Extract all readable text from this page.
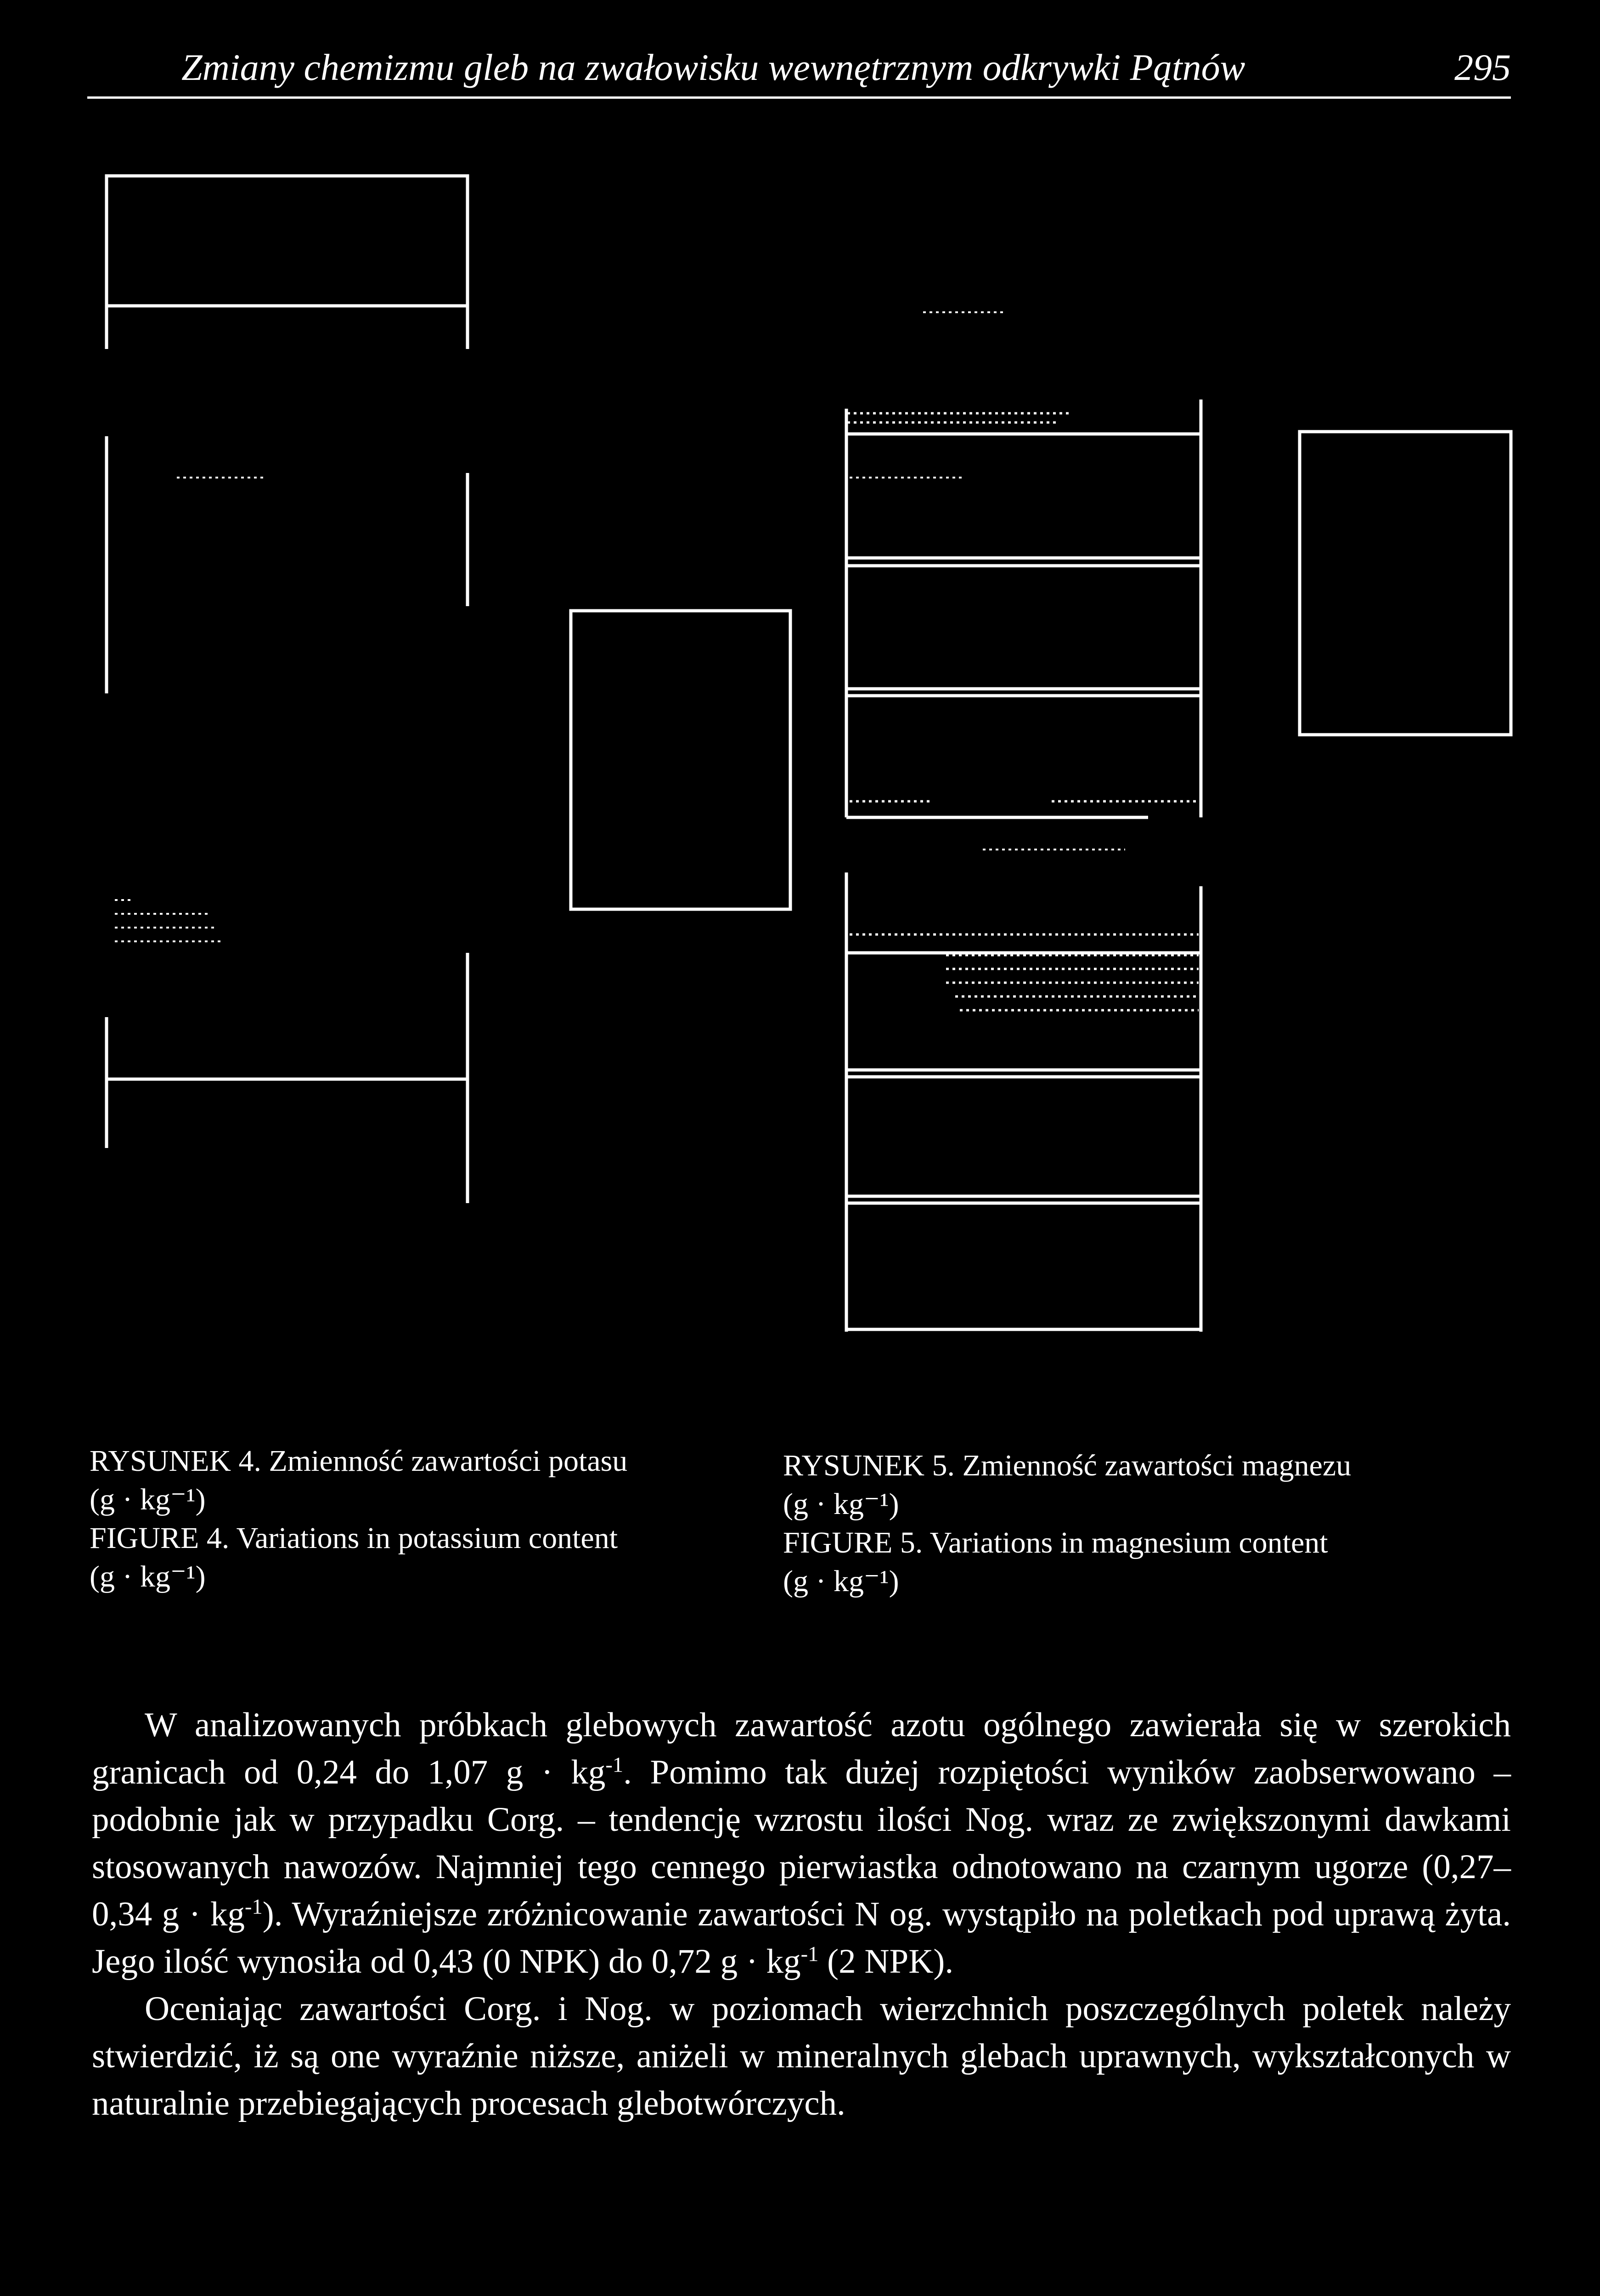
Zmiany chemizmu gleb na zwałowisku wewnętrznym odkrywki Pątnów	295
RYSUNEK 4. Zmienność zawartości potasu
(g · kg⁻¹)
FIGURE 4. Variations in potassium content
(g · kg⁻¹)
RYSUNEK 5. Zmienność zawartości magnezu
(g · kg⁻¹)
FIGURE 5. Variations in magnesium content
(g · kg⁻¹)

W analizowanych próbkach glebowych zawartość azotu ogólnego zawierała się w szerokich granicach od 0,24 do 1,07 $g \cdot kg^{-1}$. Pomimo tak dużej rozpiętości wyników zaobserwowano – podobnie jak w przypadku Corg. – tendencję wzrostu ilości Nog. wraz ze zwiększonymi dawkami stosowanych nawozów. Najmniej tego cennego pierwiastka odnotowano na czarnym ugorze (0,27–0,34 $g \cdot kg^{-1}$). Wyraźniejsze zróżnicowanie zawartości N og. wystąpiło na poletkach pod uprawą żyta. Jego ilość wynosiła od 0,43 (0 NPK) do 0,72 $g \cdot kg^{-1}$ (2 NPK).

Oceniając zawartości Corg. i Nog. w poziomach wierzchnich poszczególnych poletek należy stwierdzić, iż są one wyraźnie niższe, aniżeli w mineralnych glebach uprawnych, wykształconych w naturalnie przebiegających procesach glebotwórczych.
